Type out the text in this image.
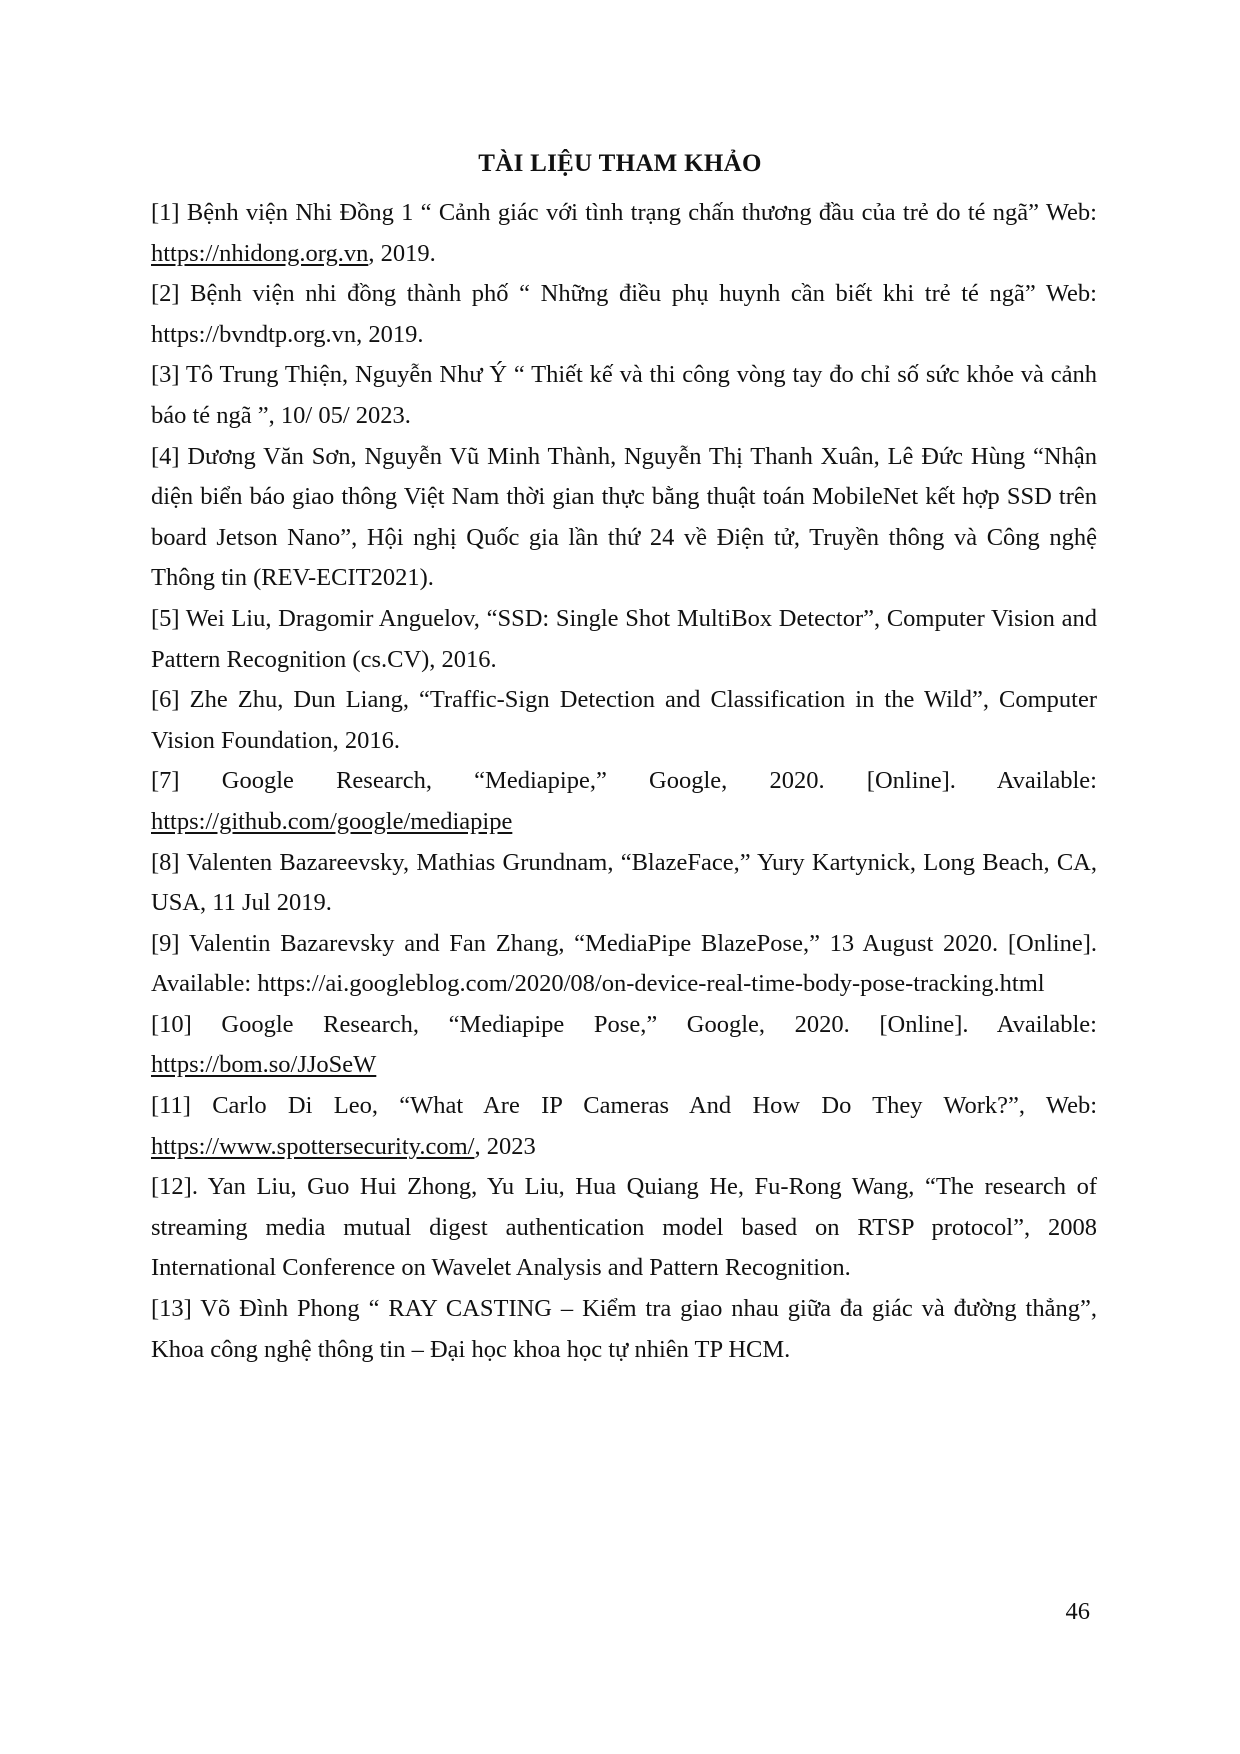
TÀI LIỆU THAM KHẢO

[1] Bệnh viện Nhi Đồng 1 “ Cảnh giác với tình trạng chấn thương đầu của trẻ do té ngã” Web: https://nhidong.org.vn, 2019.

[2] Bệnh viện nhi đồng thành phố “ Những điều phụ huynh cần biết khi trẻ té ngã” Web: https://bvndtp.org.vn, 2019.

[3] Tô Trung Thiện, Nguyễn Như Ý “ Thiết kế và thi công vòng tay đo chỉ số sức khỏe và cảnh báo té ngã ”, 10/ 05/ 2023.

[4] Dương Văn Sơn, Nguyễn Vũ Minh Thành, Nguyễn Thị Thanh Xuân, Lê Đức Hùng “Nhận diện biển báo giao thông Việt Nam thời gian thực bằng thuật toán MobileNet kết hợp SSD trên board Jetson Nano”, Hội nghị Quốc gia lần thứ 24 về Điện tử, Truyền thông và Công nghệ Thông tin (REV-ECIT2021).

[5] Wei Liu, Dragomir Anguelov, “SSD: Single Shot MultiBox Detector”, Computer Vision and Pattern Recognition (cs.CV), 2016.

[6] Zhe Zhu, Dun Liang, “Traffic-Sign Detection and Classification in the Wild”, Computer Vision Foundation, 2016.

[7] Google Research, “Mediapipe,” Google, 2020. [Online]. Available: https://github.com/google/mediapipe

[8] Valenten Bazareevsky, Mathias Grundnam, “BlazeFace,” Yury Kartynick, Long Beach, CA, USA, 11 Jul 2019.

[9] Valentin Bazarevsky and Fan Zhang, “MediaPipe BlazePose,” 13 August 2020. [Online]. Available: https://ai.googleblog.com/2020/08/on-device-real-time-body-pose-tracking.html

[10] Google Research, “Mediapipe Pose,” Google, 2020. [Online]. Available: https://bom.so/JJoSeW

[11] Carlo Di Leo, “What Are IP Cameras And How Do They Work?”, Web: https://www.spottersecurity.com/, 2023

[12]. Yan Liu, Guo Hui Zhong, Yu Liu, Hua Quiang He, Fu-Rong Wang, “The research of streaming media mutual digest authentication model based on RTSP protocol”, 2008 International Conference on Wavelet Analysis and Pattern Recognition.

[13] Võ Đình Phong “ RAY CASTING – Kiểm tra giao nhau giữa đa giác và đường thẳng”, Khoa công nghệ thông tin – Đại học khoa học tự nhiên TP HCM.

46
